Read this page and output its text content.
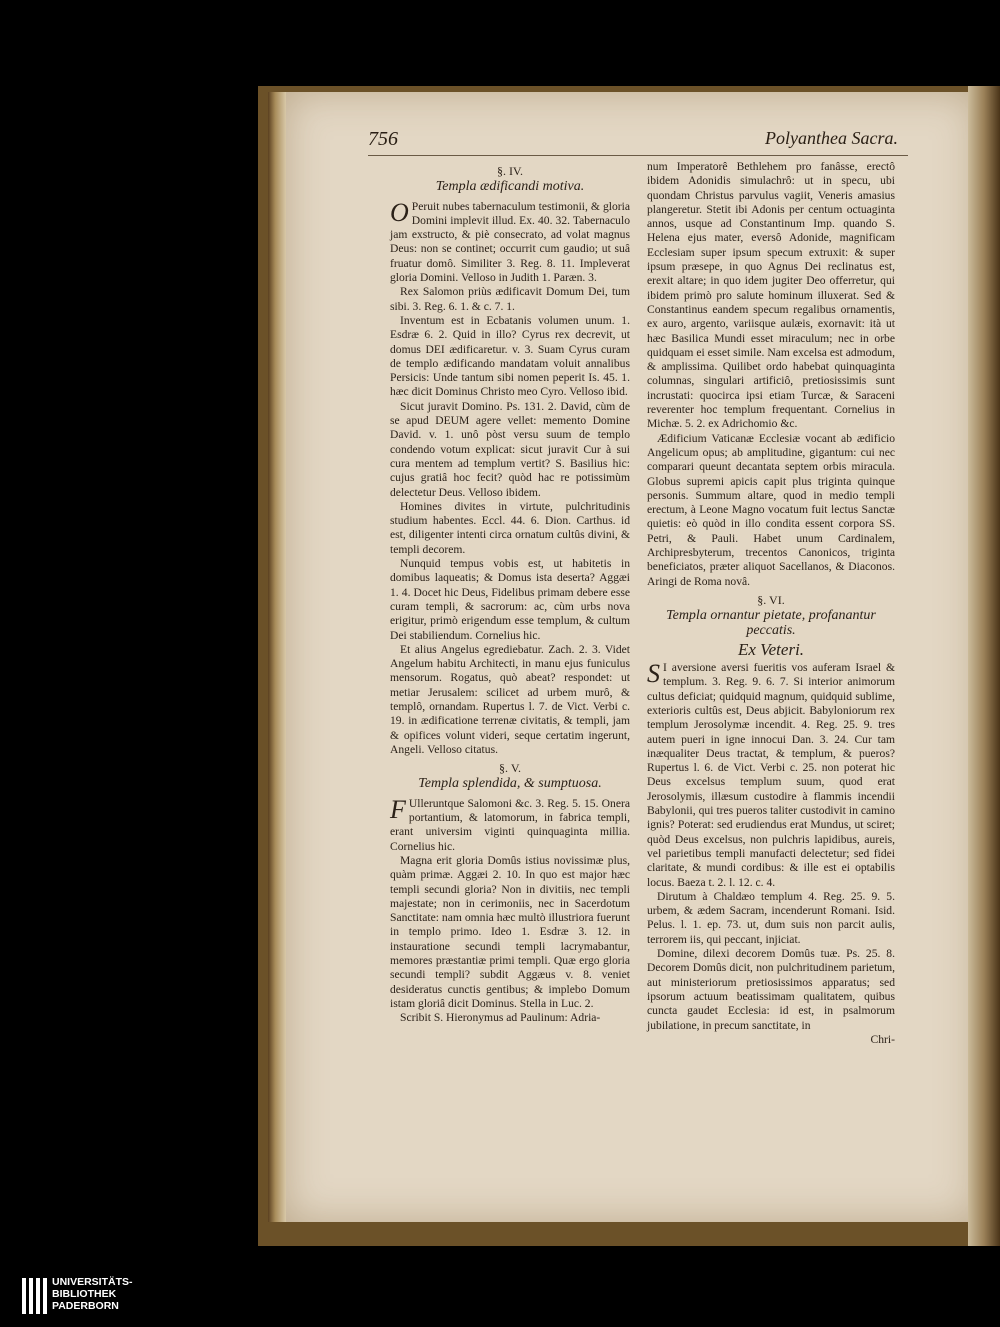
756	Polyanthea Sacra.
§. IV.
Templa ædificandi motiva.

O Peruit nubes tabernaculum testimonii, & gloria Domini implevit illud. Ex. 40. 32. Tabernaculo jam exstructo, & piè consecrato, ad volat magnus Deus: non se continet; occurrit cum gaudio; ut suâ fruatur domô. Similiter 3. Reg. 8. 11. Impleverat gloria Domini. Velloso in Judith 1. Paræn. 3.

Rex Salomon priùs ædificavit Domum Dei, tum sibi. 3. Reg. 6. 1. & c. 7. 1.

Inventum est in Ecbatanis volumen unum. 1. Esdræ 6. 2. Quid in illo? Cyrus rex decrevit, ut domus DEI ædificaretur. v. 3. Suam Cyrus curam de templo ædificando mandatam voluit annalibus Persicis: Unde tantum sibi nomen peperit Is. 45. 1. hæc dicit Dominus Christo meo Cyro. Velloso ibid.

Sicut juravit Domino. Ps. 131. 2. David, cùm de se apud DEUM agere vellet: memento Domine David. v. 1. unô pòst versu suum de templo condendo votum explicat: sicut juravit Cur à sui cura mentem ad templum vertit? S. Basilius hic: cujus gratiâ hoc fecit? quòd hac re potissimùm delectetur Deus. Velloso ibidem.

Homines divites in virtute, pulchritudinis studium habentes. Eccl. 44. 6. Dion. Carthus. id est, diligenter intenti circa ornatum cultûs divini, & templi decorem.

Nunquid tempus vobis est, ut habitetis in domibus laqueatis; & Domus ista deserta? Aggæi 1. 4. Docet hic Deus, Fidelibus primam debere esse curam templi, & sacrorum: ac, cùm urbs nova erigitur, primò erigendum esse templum, & cultum Dei stabiliendum. Cornelius hic.

Et alius Angelus egrediebatur. Zach. 2. 3. Videt Angelum habitu Architecti, in manu ejus funiculus mensorum. Rogatus, quò abeat? respondet: ut metiar Jerusalem: scilicet ad urbem murô, & templô, ornandam. Rupertus l. 7. de Vict. Verbi c. 19. in ædificatione terrenæ civitatis, & templi, jam & opifices volunt videri, seque certatim ingerunt, Angeli. Velloso citatus.

§. V.
Templa splendida, & sumptuosa.

F Ulleruntque Salomoni &c. 3. Reg. 5. 15. Onera portantium, & latomorum, in fabrica templi, erant universim viginti quinquaginta millia. Cornelius hic.

Magna erit gloria Domûs istius novissimæ plus, quàm primæ. Aggæi 2. 10. In quo est major hæc templi secundi gloria? Non in divitiis, nec templi majestate; non in cerimoniis, nec in Sacerdotum Sanctitate: nam omnia hæc multò illustriora fuerunt in templo primo. Ideo 1. Esdræ 3. 12. in instauratione secundi templi lacrymabantur, memores præstantiæ primi templi. Quæ ergo gloria secundi templi? subdit Aggæus v. 8. veniet desideratus cunctis gentibus; & implebo Domum istam gloriâ dicit Dominus. Stella in Luc. 2.

Scribit S. Hieronymus ad Paulinum: Adria-

num Imperatorê Bethlehem pro fanâsse, erectô ibidem Adonidis simulachrô: ut in specu, ubi quondam Christus parvulus vagiit, Veneris amasius plangeretur. Stetit ibi Adonis per centum octuaginta annos, usque ad Constantinum Imp. quando S. Helena ejus mater, eversô Adonide, magnificam Ecclesiam super ipsum specum extruxit: & super ipsum præsepe, in quo Agnus Dei reclinatus est, erexit altare; in quo idem jugiter Deo offerretur, qui ibidem primò pro salute hominum illuxerat. Sed & Constantinus eandem specum regalibus ornamentis, ex auro, argento, variisque aulæis, exornavit: ità ut hæc Basilica Mundi esset miraculum; nec in orbe quidquam ei esset simile. Nam excelsa est admodum, & amplissima. Quilibet ordo habebat quinquaginta columnas, singulari artificiô, pretiosissimis sunt incrustati: quocirca ipsi etiam Turcæ, & Saraceni reverenter hoc templum frequentant. Cornelius in Michæ. 5. 2. ex Adrichomio &c.

Ædificium Vaticanæ Ecclesiæ vocant ab ædificio Angelicum opus; ab amplitudine, gigantum: cui nec comparari queunt decantata septem orbis miracula. Globus supremi apicis capit plus triginta quinque personis. Summum altare, quod in medio templi erectum, à Leone Magno vocatum fuit lectus Sanctæ quietis: eò quòd in illo condita essent corpora SS. Petri, & Pauli. Habet unum Cardinalem, Archipresbyterum, trecentos Canonicos, triginta beneficiatos, præter aliquot Sacellanos, & Diaconos. Aringi de Roma novâ.

§. VI.
Templa ornantur pietate, profanantur peccatis.
Ex Veteri.

S I aversione aversi fueritis vos auferam Israel & templum. 3. Reg. 9. 6. 7. Si interior animorum cultus deficiat; quidquid magnum, quidquid sublime, exterioris cultûs est, Deus abjicit. Babyloniorum rex templum Jerosolymæ incendit. 4. Reg. 25. 9. tres autem pueri in igne innocui Dan. 3. 24. Cur tam inæqualiter Deus tractat, & templum, & pueros? Rupertus l. 6. de Vict. Verbi c. 25. non poterat hic Deus excelsus templum suum, quod erat Jerosolymis, illæsum custodire à flammis incendii Babylonii, qui tres pueros taliter custodivit in camino ignis? Poterat: sed erudiendus erat Mundus, ut sciret; quòd Deus excelsus, non pulchris lapidibus, aureis, vel parietibus templi manufacti delectetur; sed fidei claritate, & mundi cordibus: & ille est ei optabilis locus. Baeza t. 2. l. 12. c. 4.

Dirutum à Chaldæo templum 4. Reg. 25. 9. 5. urbem, & ædem Sacram, incenderunt Romani. Isid. Pelus. l. 1. ep. 73. ut, dum suis non parcit aulis, terrorem iis, qui peccant, injiciat.

Domine, dilexi decorem Domûs tuæ. Ps. 25. 8. Decorem Domûs dicit, non pulchritudinem parietum, aut ministeriorum pretiosissimos apparatus; sed ipsorum actuum beatissimam qualitatem, quibus cuncta gaudet Ecclesia: id est, in psalmorum jubilatione, in precum sanctitate, in

Chri-
UNIVERSITÄTS-
BIBLIOTHEK
PADERBORN
